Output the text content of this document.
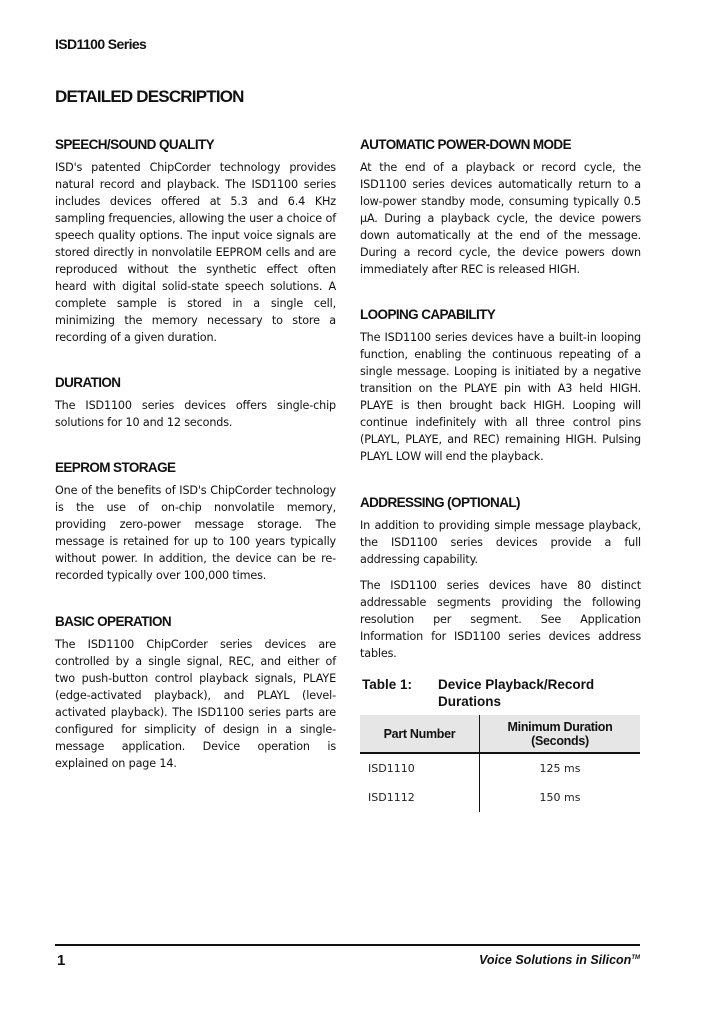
ISD1100 Series
DETAILED DESCRIPTION
SPEECH/SOUND QUALITY

ISD's patented ChipCorder technology provides natural record and playback. The ISD1100 series includes devices offered at 5.3 and 6.4 KHz sampling frequencies, allowing the user a choice of speech quality options. The input voice signals are stored directly in nonvolatile EEPROM cells and are reproduced without the synthetic effect often heard with digital solid-state speech solutions. A complete sample is stored in a single cell, minimizing the memory necessary to store a recording of a given duration.

DURATION

The ISD1100 series devices offers single-chip solutions for 10 and 12 seconds.

EEPROM STORAGE

One of the benefits of ISD's ChipCorder technology is the use of on-chip nonvolatile memory, providing zero-power message storage. The message is retained for up to 100 years typically without power. In addition, the device can be re-recorded typically over 100,000 times.

BASIC OPERATION

The ISD1100 ChipCorder series devices are controlled by a single signal, REC, and either of two push-button control playback signals, PLAYE (edge-activated playback), and PLAYL (level-activated playback). The ISD1100 series parts are configured for simplicity of design in a single-message application. Device operation is explained on page 14.

AUTOMATIC POWER-DOWN MODE

At the end of a playback or record cycle, the ISD1100 series devices automatically return to a low-power standby mode, consuming typically 0.5 µA. During a playback cycle, the device powers down automatically at the end of the message. During a record cycle, the device powers down immediately after REC is released HIGH.

LOOPING CAPABILITY

The ISD1100 series devices have a built-in looping function, enabling the continuous repeating of a single message. Looping is initiated by a negative transition on the PLAYE pin with A3 held HIGH. PLAYE is then brought back HIGH. Looping will continue indefinitely with all three control pins (PLAYL, PLAYE, and REC) remaining HIGH. Pulsing PLAYL LOW will end the playback.

ADDRESSING (OPTIONAL)

In addition to providing simple message playback, the ISD1100 series devices provide a full addressing capability.

The ISD1100 series devices have 80 distinct addressable segments providing the following resolution per segment. See Application Information for ISD1100 series devices address tables.

Table 1: Device Playback/Record Durations
Part Number	Minimum Duration (Seconds)
ISD1110	125 ms
ISD1112	150 ms
1	Voice Solutions in Silicon™
